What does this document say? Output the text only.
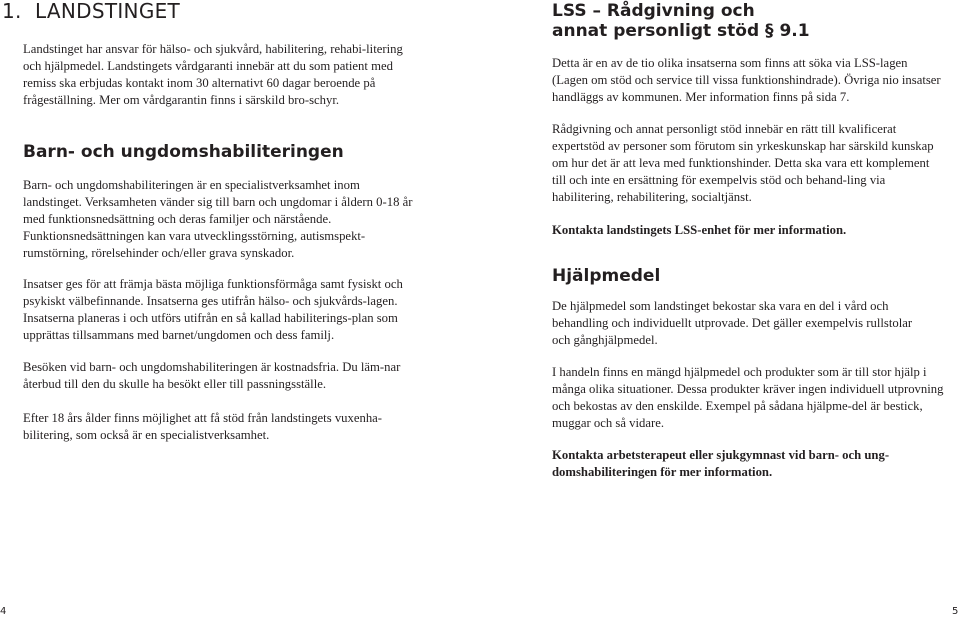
1.  LANDSTINGET

Landstinget har ansvar för hälso- och sjukvård, habilitering, rehabi-litering och hjälpmedel. Landstingets vårdgaranti innebär att du som patient med remiss ska erbjudas kontakt inom 30 alternativt 60 dagar beroende på frågeställning. Mer om vårdgarantin finns i särskild bro-schyr.

Barn- och ungdomshabiliteringen

Barn- och ungdomshabiliteringen är en specialistverksamhet inom landstinget. Verksamheten vänder sig till barn och ungdomar i åldern 0-18 år med funktionsnedsättning och deras familjer och närstående. Funktionsnedsättningen kan vara utvecklingsstörning, autismspekt-rumstörning, rörelsehinder och/eller grava synskador.

Insatser ges för att främja bästa möjliga funktionsförmåga samt fysiskt och psykiskt välbefinnande. Insatserna ges utifrån hälso- och sjukvårds-lagen. Insatserna planeras i och utförs utifrån en så kallad habiliterings-plan som upprättas tillsammans med barnet/ungdomen och dess familj.

Besöken vid barn- och ungdomshabiliteringen är kostnadsfria. Du läm-nar återbud till den du skulle ha besökt eller till passningsställe.

Efter 18 års ålder finns möjlighet att få stöd från landstingets vuxenha-bilitering, som också är en specialistverksamhet.

4
LSS – Rådgivning och
annat personligt stöd § 9.1

Detta är en av de tio olika insatserna som finns att söka via LSS-lagen (Lagen om stöd och service till vissa funktionshindrade). Övriga nio insatser handläggs av kommunen. Mer information finns på sida 7.

Rådgivning och annat personligt stöd innebär en rätt till kvalificerat expertstöd av personer som förutom sin yrkeskunskap har särskild kunskap om hur det är att leva med funktionshinder. Detta ska vara ett komplement till och inte en ersättning för exempelvis stöd och behand-ling via habilitering, rehabilitering, socialtjänst.

Kontakta landstingets LSS-enhet för mer information.

Hjälpmedel

De hjälpmedel som landstinget bekostar ska vara en del i vård och behandling och individuellt utprovade. Det gäller exempelvis rullstolar och gånghjälpmedel.

I handeln finns en mängd hjälpmedel och produkter som är till stor hjälp i många olika situationer. Dessa produkter kräver ingen individuell utprovning och bekostas av den enskilde. Exempel på sådana hjälpme-del är bestick, muggar och så vidare.

Kontakta arbetsterapeut eller sjukgymnast vid barn- och ung-domshabiliteringen för mer information.

5
